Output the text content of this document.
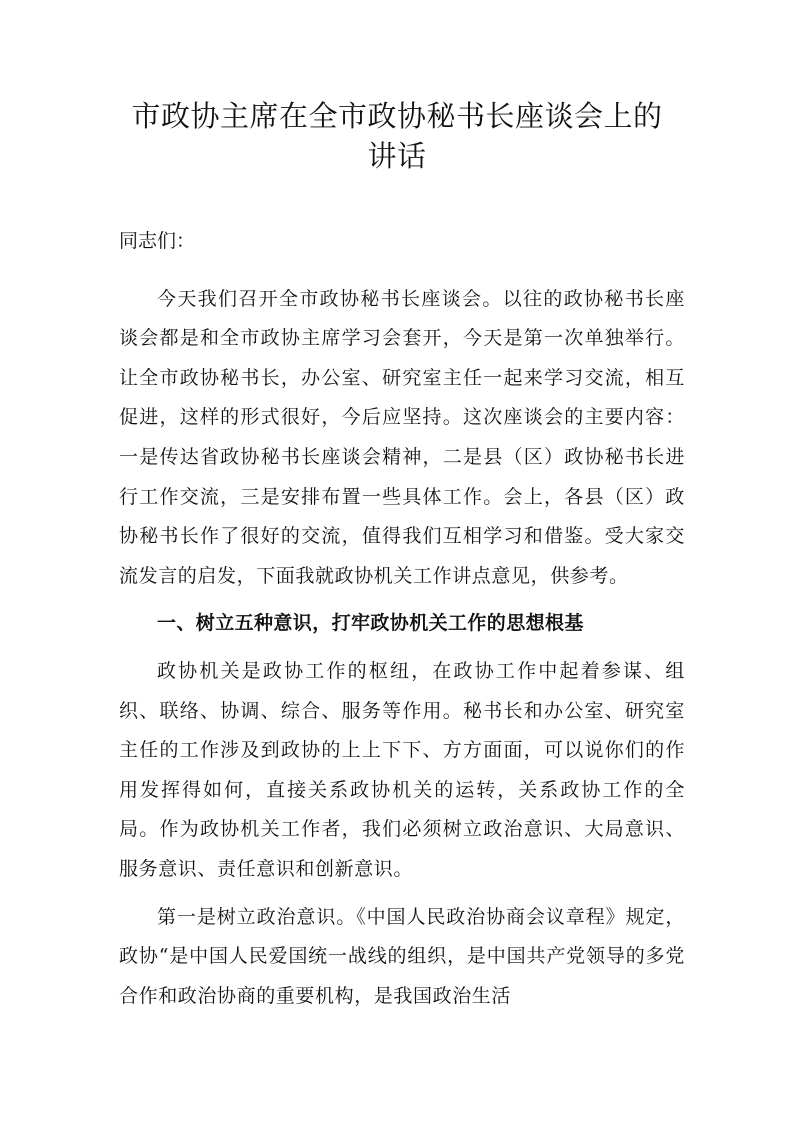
市政协主席在全市政协秘书长座谈会上的
讲话

同志们：

今天我们召开全市政协秘书长座谈会。以往的政协秘书长座谈会都是和全市政协主席学习会套开，今天是第一次单独举行。让全市政协秘书长，办公室、研究室主任一起来学习交流，相互促进，这样的形式很好，今后应坚持。这次座谈会的主要内容：一是传达省政协秘书长座谈会精神，二是县（区）政协秘书长进行工作交流，三是安排布置一些具体工作。会上，各县（区）政协秘书长作了很好的交流，值得我们互相学习和借鉴。受大家交流发言的启发，下面我就政协机关工作讲点意见，供参考。

一、树立五种意识，打牢政协机关工作的思想根基

政协机关是政协工作的枢纽，在政协工作中起着参谋、组织、联络、协调、综合、服务等作用。秘书长和办公室、研究室主任的工作涉及到政协的上上下下、方方面面，可以说你们的作用发挥得如何，直接关系政协机关的运转，关系政协工作的全局。作为政协机关工作者，我们必须树立政治意识、大局意识、服务意识、责任意识和创新意识。

第一是树立政治意识。《中国人民政治协商会议章程》规定，政协“是中国人民爱国统一战线的组织，是中国共产党领导的多党合作和政治协商的重要机构，是我国政治生活
